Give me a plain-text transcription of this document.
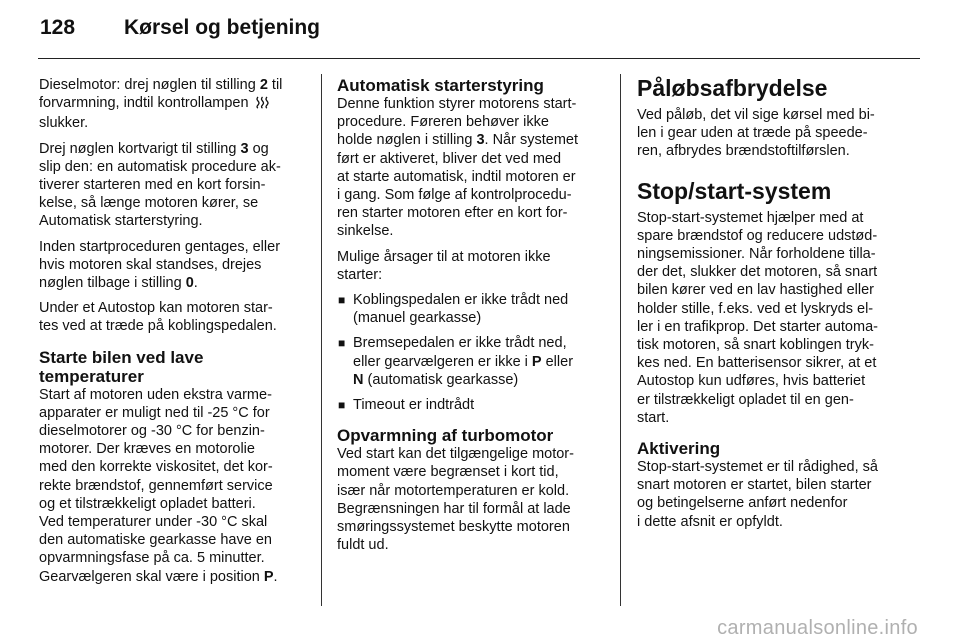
128	Kørsel og betjening

Dieselmotor: drej nøglen til stilling 2 til
forvarmning, indtil kontrollampen
slukker.

Drej nøglen kortvarigt til stilling 3 og
slip den: en automatisk procedure ak-
tiverer starteren med en kort forsin-
kelse, så længe motoren kører, se
Automatisk starterstyring.

Inden startproceduren gentages, eller
hvis motoren skal standses, drejes
nøglen tilbage i stilling 0.

Under et Autostop kan motoren star-
tes ved at træde på koblingspedalen.

Starte bilen ved lave
temperaturer

Start af motoren uden ekstra varme-
apparater er muligt ned til -25 °C for
dieselmotorer og -30 °C for benzin-
motorer. Der kræves en motorolie
med den korrekte viskositet, det kor-
rekte brændstof, gennemført service
og et tilstrækkeligt opladet batteri.
Ved temperaturer under -30 °C skal
den automatiske gearkasse have en
opvarmningsfase på ca. 5 minutter.
Gearvælgeren skal være i position P.

Automatisk starterstyring

Denne funktion styrer motorens start-
procedure. Føreren behøver ikke
holde nøglen i stilling 3. Når systemet
ført er aktiveret, bliver det ved med
at starte automatisk, indtil motoren er
i gang. Som følge af kontrolprocedu-
ren starter motoren efter en kort for-
sinkelse.

Mulige årsager til at motoren ikke
starter:

■ Koblingspedalen er ikke trådt ned
(manuel gearkasse)
■ Bremsepedalen er ikke trådt ned,
eller gearvælgeren er ikke i P eller
N (automatisk gearkasse)
■ Timeout er indtrådt
Opvarmning af turbomotor

Ved start kan det tilgængelige motor-
moment være begrænset i kort tid,
især når motortemperaturen er kold.
Begrænsningen har til formål at lade
smøringssystemet beskytte motoren
fuldt ud.

Påløbsafbrydelse

Ved påløb, det vil sige kørsel med bi-
len i gear uden at træde på speede-
ren, afbrydes brændstoftilførslen.

Stop/start-system

Stop-start-systemet hjælper med at
spare brændstof og reducere udstød-
ningsemissioner. Når forholdene tilla-
der det, slukker det motoren, så snart
bilen kører ved en lav hastighed eller
holder stille, f.eks. ved et lyskryds el-
ler i en trafikprop. Det starter automa-
tisk motoren, så snart koblingen tryk-
kes ned. En batterisensor sikrer, at et
Autostop kun udføres, hvis batteriet
er tilstrækkeligt opladet til en gen-
start.

Aktivering

Stop-start-systemet er til rådighed, så
snart motoren er startet, bilen starter
og betingelserne anført nedenfor
i dette afsnit er opfyldt.

carmanualsonline.info
